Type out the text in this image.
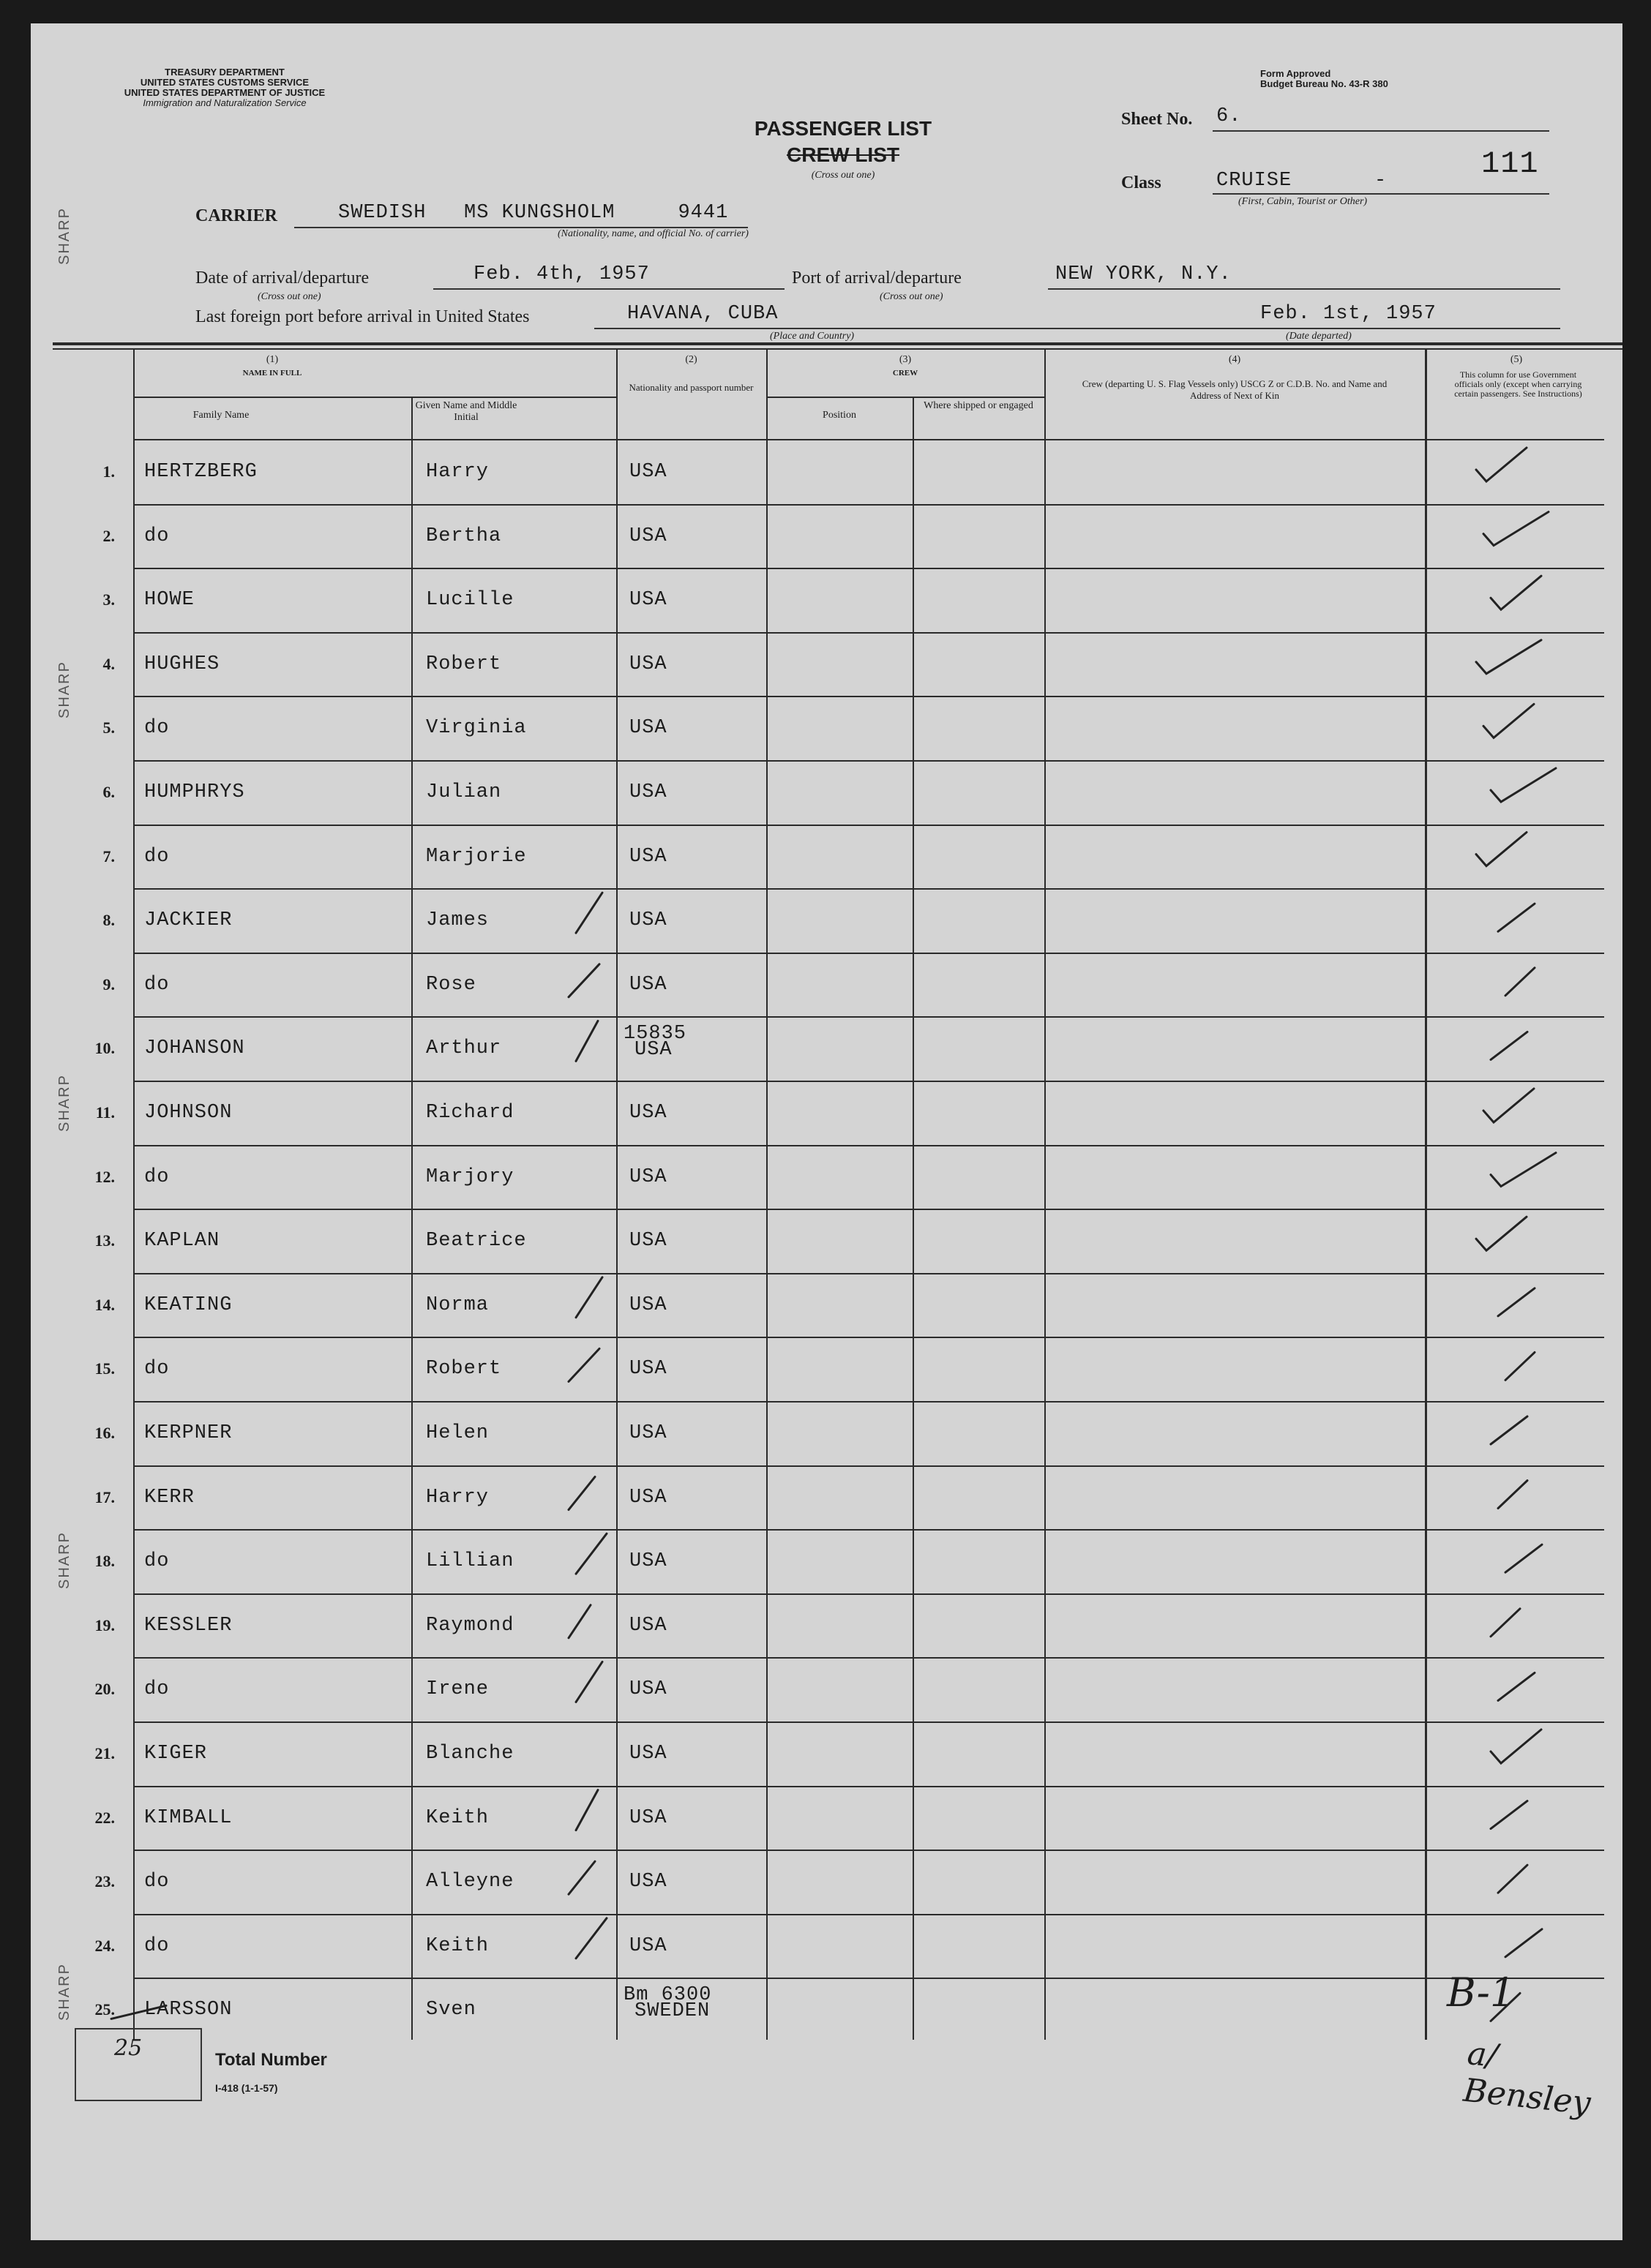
TREASURY DEPARTMENT
UNITED STATES CUSTOMS SERVICE
UNITED STATES DEPARTMENT OF JUSTICE
Immigration and Naturalization Service
Form Approved
Budget Bureau No. 43-R 380
PASSENGER LIST
CREW LIST
(Cross out one)
Sheet No. 6.
111
Class	CRUISE	-
(First, Cabin, Tourist or Other)
CARRIER	SWEDISH   MS KUNGSHOLM     9441
(Nationality, name, and official No. of carrier)
Date of arrival/departure	Feb. 4th, 1957
(Cross out one)
Port of arrival/departure	NEW YORK, N.Y.
(Cross out one)
Last foreign port before arrival in United States	HAVANA, CUBA
(Place and Country)
Feb. 1st, 1957
(Date departed)
SHARP
SHARP
SHARP
SHARP
SHARP
(1)
NAME IN FULL
Family Name
Given Name and Middle Initial
(2)
Nationality and passport number
(3)
CREW
Position
Where shipped or engaged
(4)
Crew (departing U. S. Flag Vessels only) USCG Z or C.D.B. No. and Name and Address of Next of Kin
(5)
This column for use Government officials only (except when carrying certain passengers. See Instructions)
1. HERTZBERG	Harry	USA
2. do	Bertha	USA
3. HOWE	Lucille	USA
4. HUGHES	Robert	USA
5. do	Virginia	USA
6. HUMPHRYS	Julian	USA
7. do	Marjorie	USA
8. JACKIER	James	USA
9. do	Rose	USA
10. JOHANSON	Arthur
15835
USA
11. JOHNSON	Richard	USA
12. do	Marjory	USA
13. KAPLAN	Beatrice	USA
14. KEATING	Norma	USA
15. do	Robert	USA
16. KERPNER	Helen	USA
17. KERR	Harry	USA
18. do	Lillian	USA
19. KESSLER	Raymond	USA
20. do	Irene	USA
21. KIGER	Blanche	USA
22. KIMBALL	Keith	USA
23. do	Alleyne	USA
24. do	Keith	USA
25. LARSSON	Sven
Bm 6300
SWEDEN
25	Total Number
I-418 (1-1-57)
B-1
a/ Bensley
